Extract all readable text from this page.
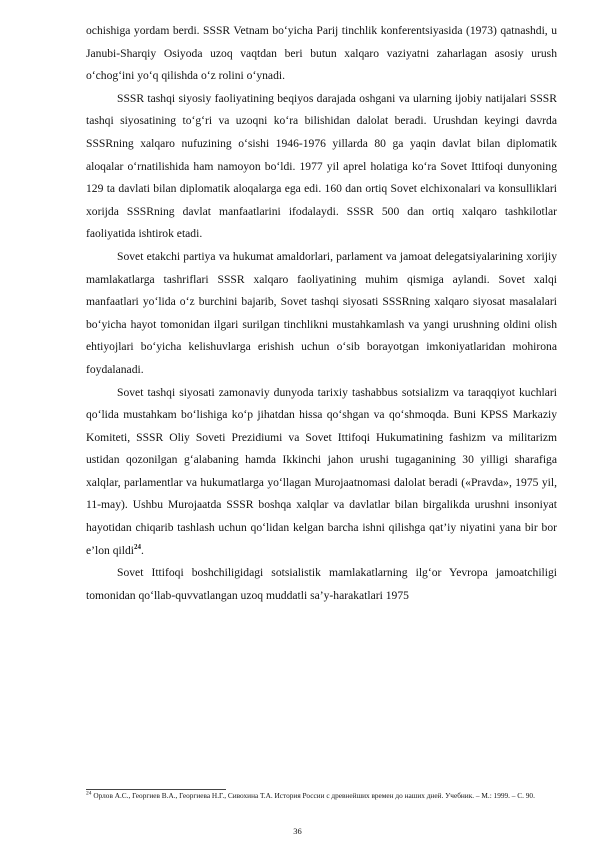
ochishiga yordam berdi. SSSR Vetnam bo‘yicha Parij tinchlik konferentsiyasida (1973) qatnashdi, u Janubi-Sharqiy Osiyoda uzoq vaqtdan beri butun xalqaro vaziyatni zaharlagan asosiy urush o‘chog‘ini yo‘q qilishda o‘z rolini o‘ynadi.

SSSR tashqi siyosiy faoliyatining beqiyos darajada oshgani va ularning ijobiy natijalari SSSR tashqi siyosatining to‘g‘ri va uzoqni ko‘ra bilishidan dalolat beradi. Urushdan keyingi davrda SSSRning xalqaro nufuzining o‘sishi 1946-1976 yillarda 80 ga yaqin davlat bilan diplomatik aloqalar o‘rnatilishida ham namoyon bo‘ldi. 1977 yil aprel holatiga ko‘ra Sovet Ittifoqi dunyoning 129 ta davlati bilan diplomatik aloqalarga ega edi. 160 dan ortiq Sovet elchixonalari va konsulliklari xorijda SSSRning davlat manfaatlarini ifodalaydi. SSSR 500 dan ortiq xalqaro tashkilotlar faoliyatida ishtirok etadi.

Sovet etakchi partiya va hukumat amaldorlari, parlament va jamoat delegatsiyalarining xorijiy mamlakatlarga tashriflari SSSR xalqaro faoliyatining muhim qismiga aylandi. Sovet xalqi manfaatlari yo‘lida o‘z burchini bajarib, Sovet tashqi siyosati SSSRning xalqaro siyosat masalalari bo‘yicha hayot tomonidan ilgari surilgan tinchlikni mustahkamlash va yangi urushning oldini olish ehtiyojlari bo‘yicha kelishuvlarga erishish uchun o‘sib borayotgan imkoniyatlaridan mohirona foydalanadi.

Sovet tashqi siyosati zamonaviy dunyoda tarixiy tashabbus sotsializm va taraqqiyot kuchlari qo‘lida mustahkam bo‘lishiga ko‘p jihatdan hissa qo‘shgan va qo‘shmoqda. Buni KPSS Markaziy Komiteti, SSSR Oliy Soveti Prezidiumi va Sovet Ittifoqi Hukumatining fashizm va militarizm ustidan qozonilgan g‘alabaning hamda Ikkinchi jahon urushi tugaganining 30 yilligi sharafiga xalqlar, parlamentlar va hukumatlarga yo‘llagan Murojaatnomasi dalolat beradi («Pravda», 1975 yil, 11-may). Ushbu Murojaatda SSSR boshqa xalqlar va davlatlar bilan birgalikda urushni insoniyat hayotidan chiqarib tashlash uchun qo‘lidan kelgan barcha ishni qilishga qat’iy niyatini yana bir bor e’lon qildi$^{24}$.

Sovet Ittifoqi boshchiligidagi sotsialistik mamlakatlarning ilg‘or Yevropa jamoatchiligi tomonidan qo‘llab-quvvatlangan uzoq muddatli sa’y-harakatlari 1975

$^{24}$ Орлов А.С., Георгиев В.А., Георгиева Н.Г., Сивохина Т.А. История России с древнейших времен до наших дней. Учебник. – М.: 1999. – С. 90.
36
